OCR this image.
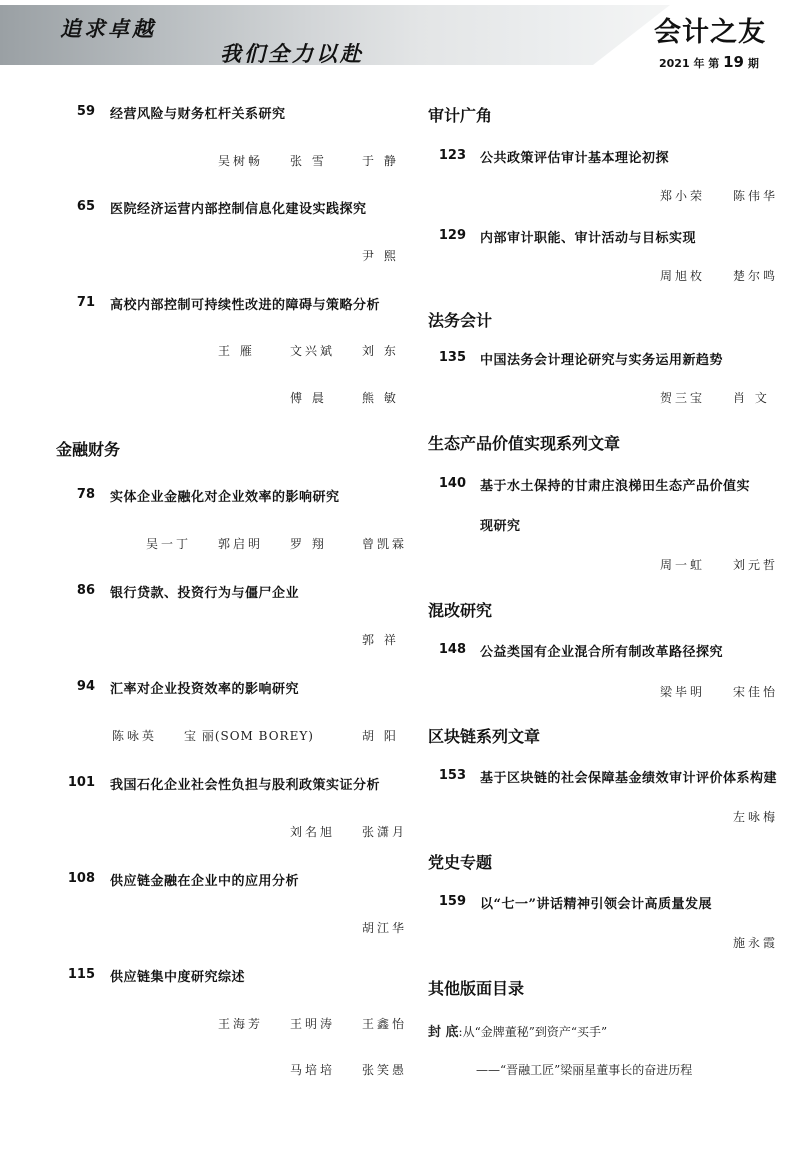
追求卓越
我们全力以赴
会计之友
2021 年 第 19 期
59 经营风险与财务杠杆关系研究
吴树畅 张 雪	于 静
65 医院经济运营内部控制信息化建设实践探究
尹 熙
71 高校内部控制可持续性改进的障碍与策略分析
王 雁	文兴斌 刘 东
傅 晨	熊 敏
金融财务
78 实体企业金融化对企业效率的影响研究
吴一丁 郭启明 罗 翔	曾凯霖
86 银行贷款、投资行为与僵尸企业
郭 祥
94 汇率对企业投资效率的影响研究
陈咏英 宝 丽(SOM BOREY)	胡 阳
101 我国石化企业社会性负担与股利政策实证分析
刘名旭 张潇月
108 供应链金融在企业中的应用分析
胡江华
115 供应链集中度研究综述
王海芳 王明涛 王鑫怡
马培培 张笑愚
审计广角
123 公共政策评估审计基本理论初探
郑小荣 陈伟华
129 内部审计职能、审计活动与目标实现
周旭枚 楚尔鸣
法务会计
135 中国法务会计理论研究与实务运用新趋势
贺三宝 肖 文
生态产品价值实现系列文章
140 基于水土保持的甘肃庄浪梯田生态产品价值实
现研究
周一虹 刘元哲
混改研究
148 公益类国有企业混合所有制改革路径探究
梁毕明 宋佳怡
区块链系列文章
153 基于区块链的社会保障基金绩效审计评价体系构建
左咏梅
党史专题
159 以“七一”讲话精神引领会计高质量发展
施永霞
其他版面目录
封 底:从“金牌董秘”到资产“买手”
——“晋融工匠”梁丽星董事长的奋进历程
